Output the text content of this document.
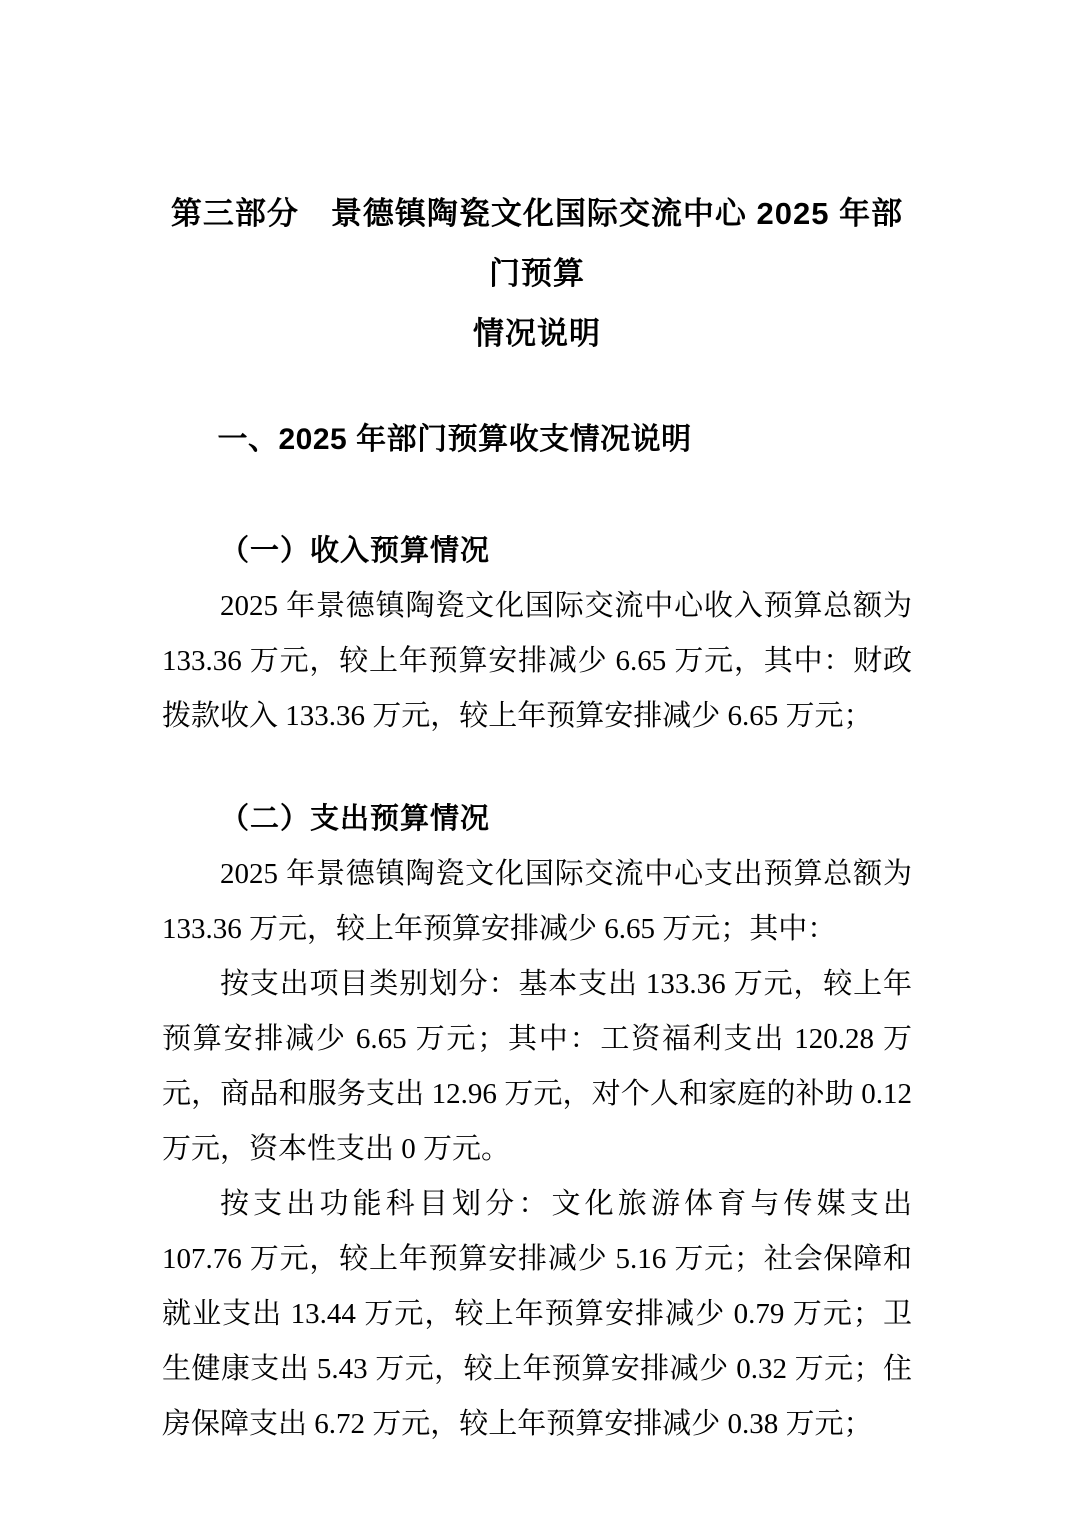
第三部分　景德镇陶瓷文化国际交流中心 2025 年部门预算
情况说明
一、2025 年部门预算收支情况说明
（一）收入预算情况

2025 年景德镇陶瓷文化国际交流中心收入预算总额为 133.36 万元，较上年预算安排减少 6.65 万元，其中：财政拨款收入 133.36 万元，较上年预算安排减少 6.65 万元；

（二）支出预算情况

2025 年景德镇陶瓷文化国际交流中心支出预算总额为 133.36 万元，较上年预算安排减少 6.65 万元；其中：

按支出项目类别划分：基本支出 133.36 万元，较上年预算安排减少 6.65 万元；其中：工资福利支出 120.28 万元，商品和服务支出 12.96 万元，对个人和家庭的补助 0.12 万元，资本性支出 0 万元。

按支出功能科目划分：文化旅游体育与传媒支出 107.76 万元，较上年预算安排减少 5.16 万元；社会保障和就业支出 13.44 万元，较上年预算安排减少 0.79 万元；卫生健康支出 5.43 万元，较上年预算安排减少 0.32 万元；住房保障支出 6.72 万元，较上年预算安排减少 0.38 万元；
